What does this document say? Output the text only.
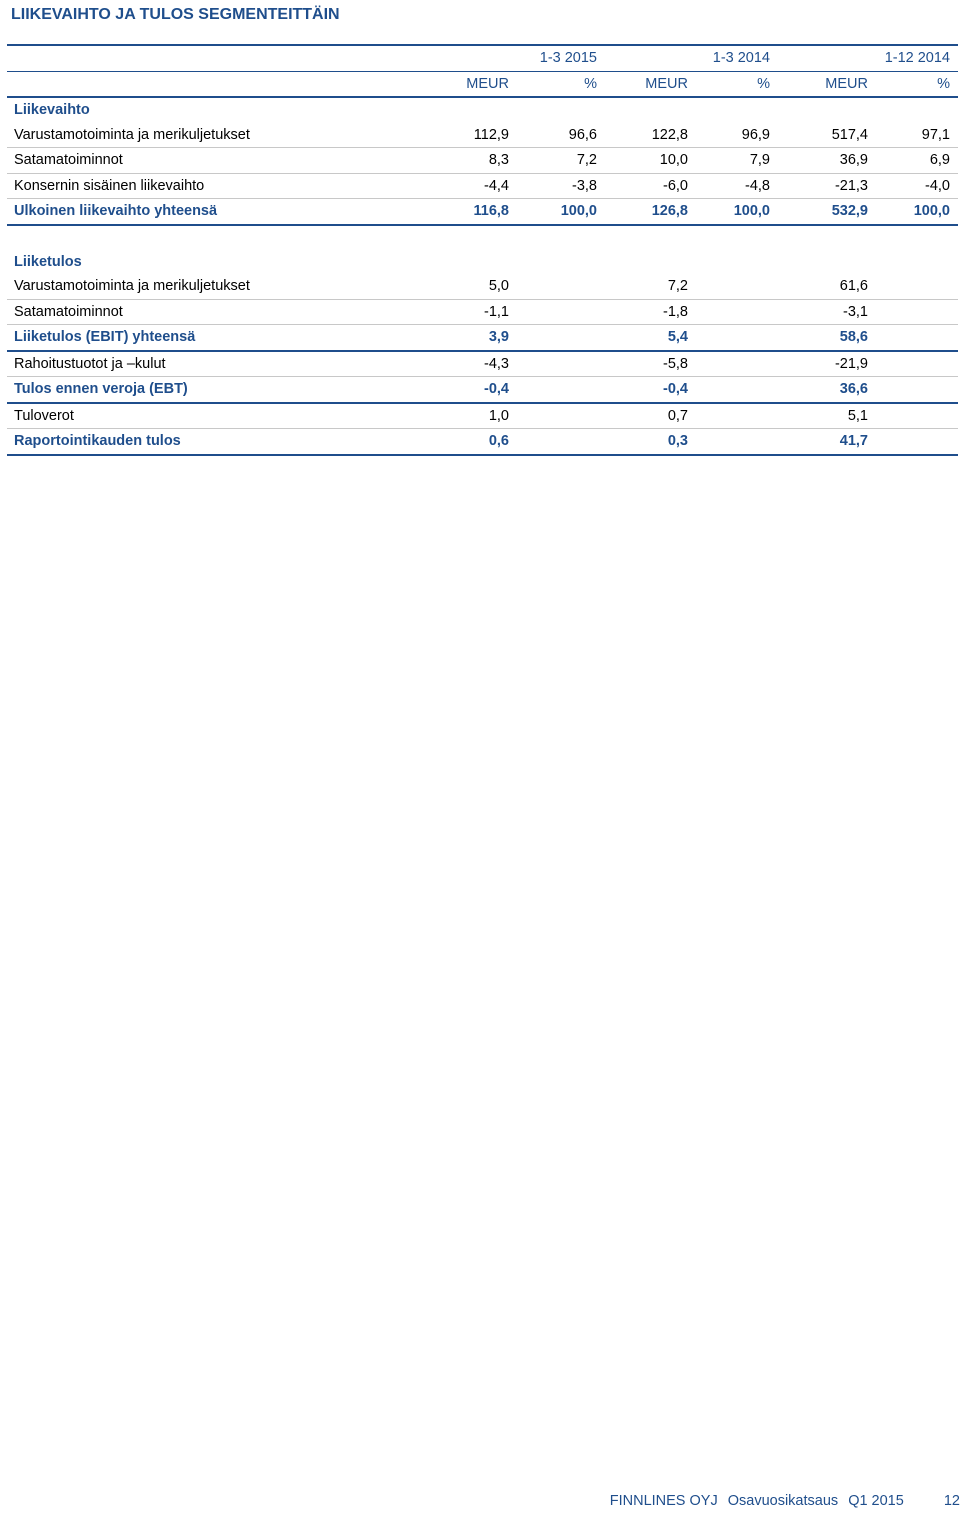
LIIKEVAIHTO JA TULOS SEGMENTEITTÄIN
		1-3 2015		1-3 2014		1-12 2014
	MEUR	%	MEUR	%	MEUR	%
Liikevaihto						
Varustamotoiminta ja merikuljetukset	112,9	96,6	122,8	96,9	517,4	97,1
Satamatoiminnot	8,3	7,2	10,0	7,9	36,9	6,9
Konsernin sisäinen liikevaihto	-4,4	-3,8	-6,0	-4,8	-21,3	-4,0
Ulkoinen liikevaihto yhteensä	116,8	100,0	126,8	100,0	532,9	100,0

Liiketulos						
Varustamotoiminta ja merikuljetukset	5,0		7,2		61,6	
Satamatoiminnot	-1,1		-1,8		-3,1	
Liiketulos (EBIT) yhteensä	3,9		5,4		58,6	
Rahoitustuotot ja –kulut	-4,3		-5,8		-21,9	
Tulos ennen veroja (EBT)	-0,4		-0,4		36,6	
Tuloverot	1,0		0,7		5,1	
Raportointikauden tulos	0,6		0,3		41,7	
FINNLINES OYJ Osavuosikatsaus Q1 2015	12
